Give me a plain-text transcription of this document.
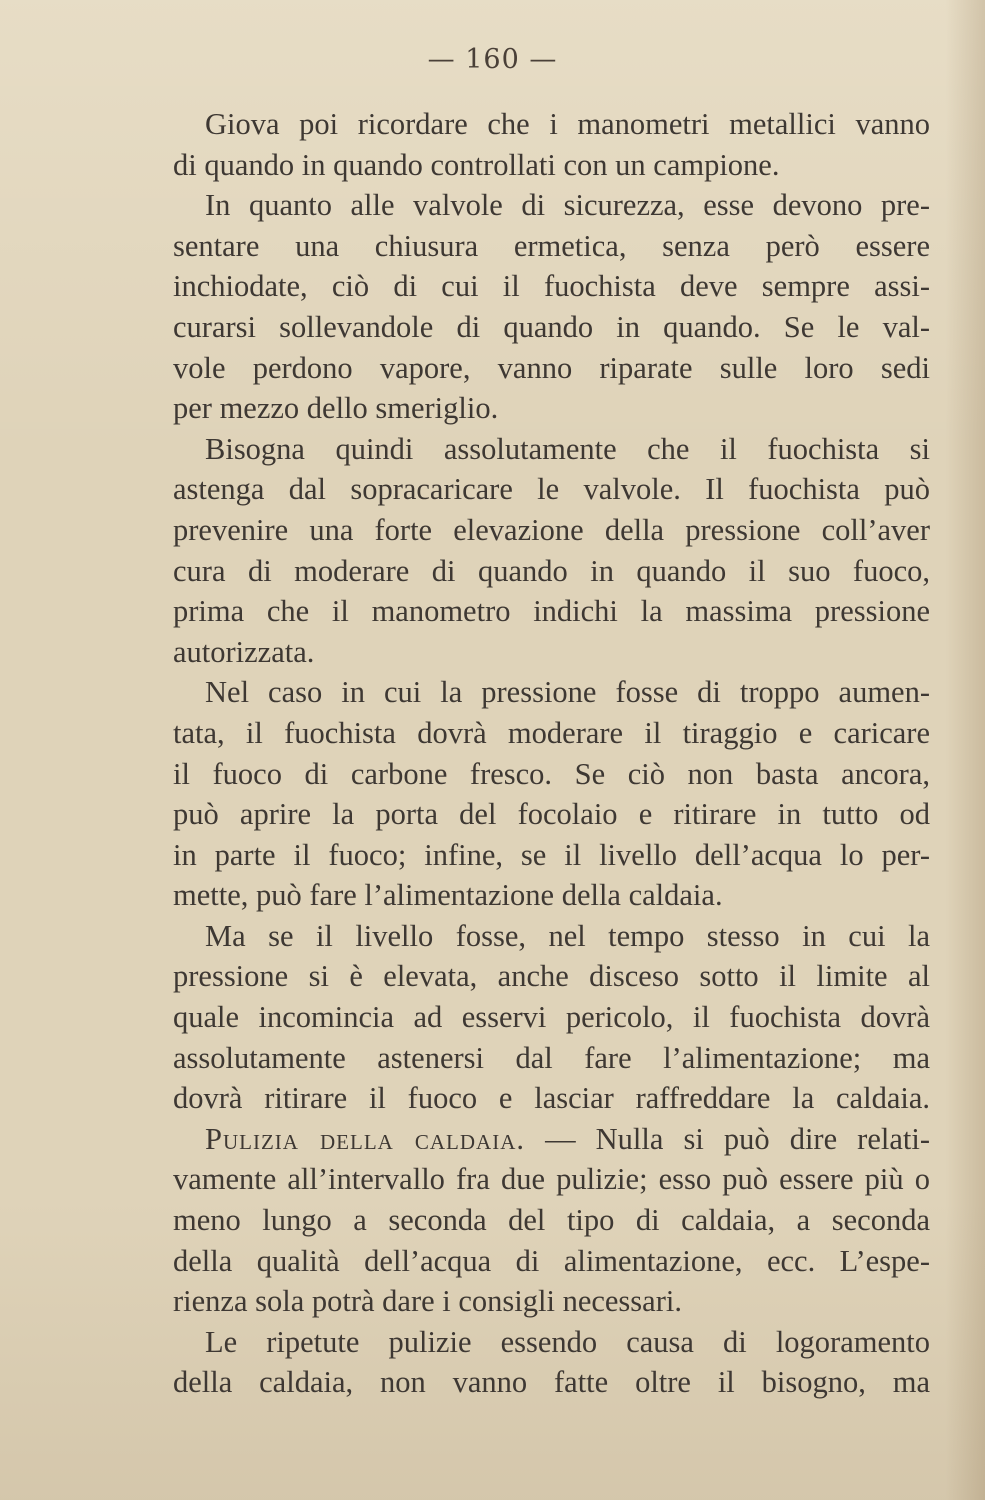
— 160 —
Giova poi ricordare che i manometri metallici vanno
di quando in quando controllati con un campione.
In quanto alle valvole di sicurezza, esse devono pre-
sentare una chiusura ermetica, senza però essere
inchiodate, ciò di cui il fuochista deve sempre assi-
curarsi sollevandole di quando in quando. Se le val-
vole perdono vapore, vanno riparate sulle loro sedi
per mezzo dello smeriglio.
Bisogna quindi assolutamente che il fuochista si
astenga dal sopracaricare le valvole. Il fuochista può
prevenire una forte elevazione della pressione coll’aver
cura di moderare di quando in quando il suo fuoco,
prima che il manometro indichi la massima pressione
autorizzata.
Nel caso in cui la pressione fosse di troppo aumen-
tata, il fuochista dovrà moderare il tiraggio e caricare
il fuoco di carbone fresco. Se ciò non basta ancora,
può aprire la porta del focolaio e ritirare in tutto od
in parte il fuoco; infine, se il livello dell’acqua lo per-
mette, può fare l’alimentazione della caldaia.
Ma se il livello fosse, nel tempo stesso in cui la
pressione si è elevata, anche disceso sotto il limite al
quale incomincia ad esservi pericolo, il fuochista dovrà
assolutamente astenersi dal fare l’alimentazione; ma
dovrà ritirare il fuoco e lasciar raffreddare la caldaia.
Pulizia della caldaia. — Nulla si può dire relati-
vamente all’intervallo fra due pulizie; esso può essere più o
meno lungo a seconda del tipo di caldaia, a seconda
della qualità dell’acqua di alimentazione, ecc. L’espe-
rienza sola potrà dare i consigli necessari.
Le ripetute pulizie essendo causa di logoramento
della caldaia, non vanno fatte oltre il bisogno, ma
